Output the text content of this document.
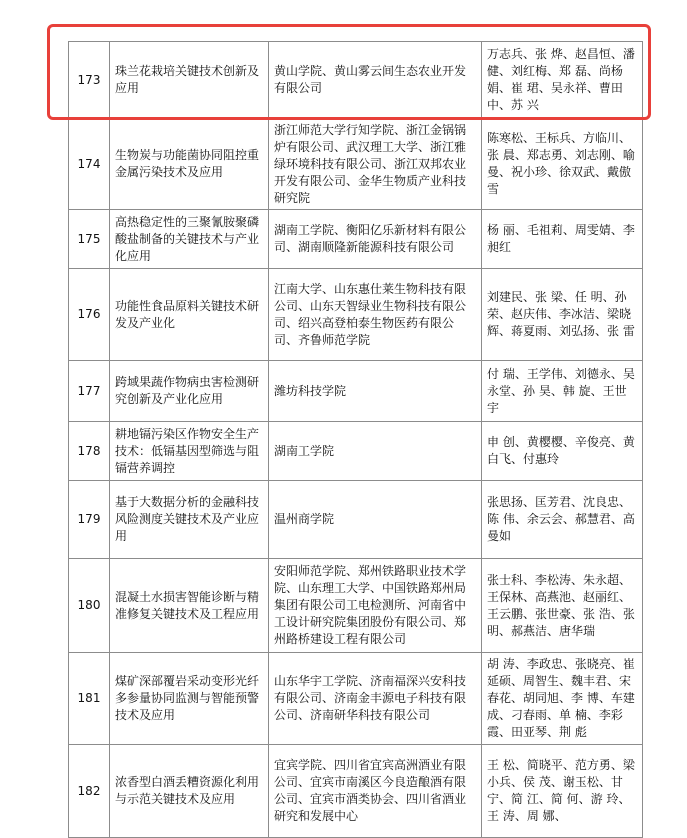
173	珠兰花栽培关键技术创新及应用	黄山学院、黄山雾云间生态农业开发有限公司	万志兵、张 烨、赵昌恒、潘 健、刘红梅、郑 磊、尚杨娟、崔 珺、吴永祥、曹田中、苏 兴
174	生物炭与功能菌协同阻控重金属污染技术及应用	浙江师范大学行知学院、浙江金锅锅炉有限公司、武汉理工大学、浙江雅绿环境科技有限公司、浙江双邦农业开发有限公司、金华生物质产业科技研究院	陈寒松、王标兵、方临川、张 晨、郑志勇、刘志刚、喻 曼、祝小珍、徐双武、戴傲雪
175	高热稳定性的三聚氰胺聚磷酸盐制备的关键技术与产业化应用	湖南工学院、衡阳亿乐新材料有限公司、湖南顺隆新能源科技有限公司	杨 丽、毛祖莉、周雯婧、李昶红
176	功能性食品原料关键技术研发及产业化	江南大学、山东惠仕莱生物科技有限公司、山东天智绿业生物科技有限公司、绍兴高登柏泰生物医药有限公司、齐鲁师范学院	刘建民、张 梁、任 明、孙 荣、赵庆伟、李冰洁、梁晓辉、蒋夏雨、刘弘扬、张 雷
177	跨域果蔬作物病虫害检测研究创新及产业化应用	潍坊科技学院	付 瑞、王学伟、刘德永、吴永堂、孙 昊、韩 旋、王世宇
178	耕地镉污染区作物安全生产技术：低镉基因型筛选与阻镉营养调控	湖南工学院	申 创、黄樱樱、辛俊亮、黄白飞、付惠玲
179	基于大数据分析的金融科技风险测度关键技术及产业应用	温州商学院	张思扬、匡芳君、沈良忠、陈 伟、余云会、郝慧君、高曼如
180	混凝土水损害智能诊断与精准修复关键技术及工程应用	安阳师范学院、郑州铁路职业技术学院、山东理工大学、中国铁路郑州局集团有限公司工电检测所、河南省中工设计研究院集团股份有限公司、郑州路桥建设工程有限公司	张士科、李松涛、朱永超、王保林、高燕池、赵丽红、王云鹏、张世豪、张 浩、张 明、郝燕洁、唐华瑞
181	煤矿深部覆岩采动变形光纤多参量协同监测与智能预警技术及应用	山东华宇工学院、济南福深兴安科技有限公司、济南金丰源电子科技有限公司、济南研华科技有限公司	胡 涛、李政忠、张晓亮、崔延硕、周智生、魏丰君、宋春花、胡同旭、李 博、车建成、刁春雨、单 楠、李彩霞、田亚琴、荆 彪
182	浓香型白酒丢糟资源化利用与示范关键技术及应用	宜宾学院、四川省宜宾高洲酒业有限公司、宜宾市南溪区今良造酿酒有限公司、宜宾市酒类协会、四川省酒业研究和发展中心	王 松、简晓平、范方勇、梁小兵、侯 茂、谢玉松、甘 宁、简 江、简 何、游 玲、王 涛、周 娜、
